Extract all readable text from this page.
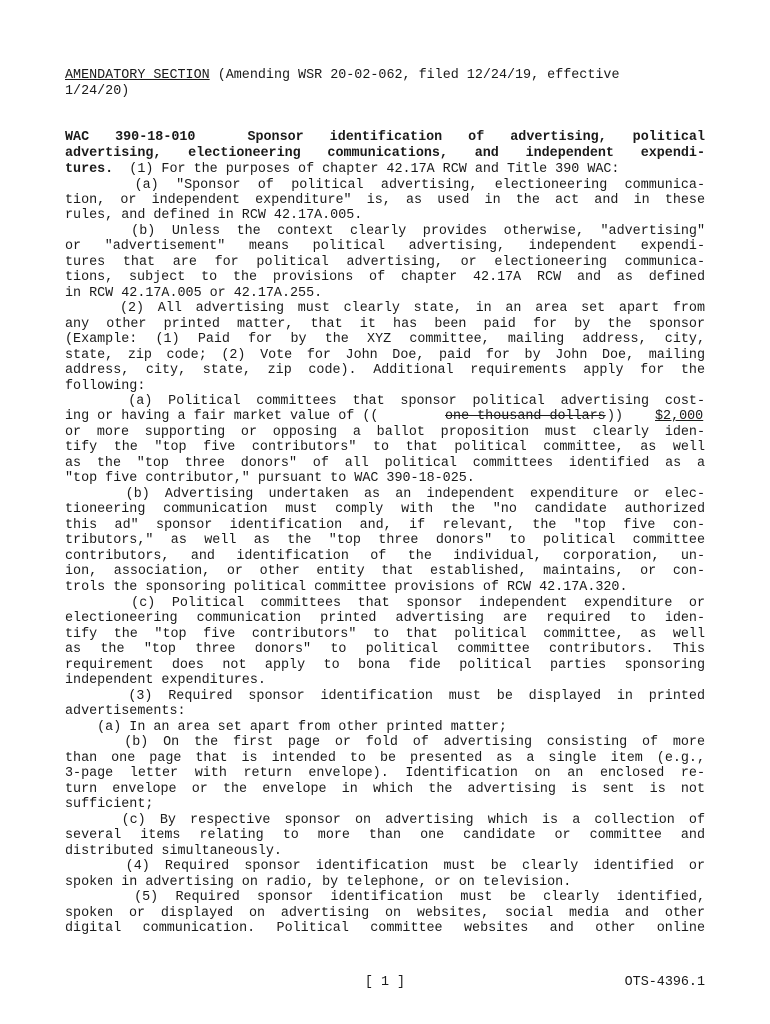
AMENDATORY SECTION (Amending WSR 20-02-062, filed 12/24/19, effective
1/24/20)
WAC 390-18-010  Sponsor identification of advertising, political
advertising, electioneering communications, and independent expendi-
tures.  (1) For the purposes of chapter 42.17A RCW and Title 390 WAC:
(a) "Sponsor of political advertising, electioneering communica-
tion, or independent expenditure" is, as used in the act and in these
rules, and defined in RCW 42.17A.005.
(b) Unless the context clearly provides otherwise, "advertising"
or "advertisement" means political advertising, independent expendi-
tures that are for political advertising, or electioneering communica-
tions, subject to the provisions of chapter 42.17A RCW and as defined
in RCW 42.17A.005 or 42.17A.255.
(2) All advertising must clearly state, in an area set apart from
any other printed matter, that it has been paid for by the sponsor
(Example: (1) Paid for by the XYZ committee, mailing address, city,
state, zip code; (2) Vote for John Doe, paid for by John Doe, mailing
address, city, state, zip code). Additional requirements apply for the
following:
(a) Political committees that sponsor political advertising cost-
ing or having a fair market value of ((	one thousand dollars )) $2,000
or more supporting or opposing a ballot proposition must clearly iden-
tify the "top five contributors" to that political committee, as well
as the "top three donors" of all political committees identified as a
"top five contributor," pursuant to WAC 390-18-025.
(b) Advertising undertaken as an independent expenditure or elec-
tioneering communication must comply with the "no candidate authorized
this ad" sponsor identification and, if relevant, the "top five con-
tributors," as well as the "top three donors" to political committee
contributors, and identification of the individual, corporation, un-
ion, association, or other entity that established, maintains, or con-
trols the sponsoring political committee provisions of RCW 42.17A.320.
(c) Political committees that sponsor independent expenditure or
electioneering communication printed advertising are required to iden-
tify the "top five contributors" to that political committee, as well
as the "top three donors" to political committee contributors. This
requirement does not apply to bona fide political parties sponsoring
independent expenditures.
(3) Required sponsor identification must be displayed in printed
advertisements:
(a) In an area set apart from other printed matter;
(b) On the first page or fold of advertising consisting of more
than one page that is intended to be presented as a single item (e.g.,
3-page letter with return envelope). Identification on an enclosed re-
turn envelope or the envelope in which the advertising is sent is not
sufficient;
(c) By respective sponsor on advertising which is a collection of
several items relating to more than one candidate or committee and
distributed simultaneously.
(4) Required sponsor identification must be clearly identified or
spoken in advertising on radio, by telephone, or on television.
(5) Required sponsor identification must be clearly identified,
spoken or displayed on advertising on websites, social media and other
digital communication. Political committee websites and other online
[ 1 ]	OTS-4396.1
